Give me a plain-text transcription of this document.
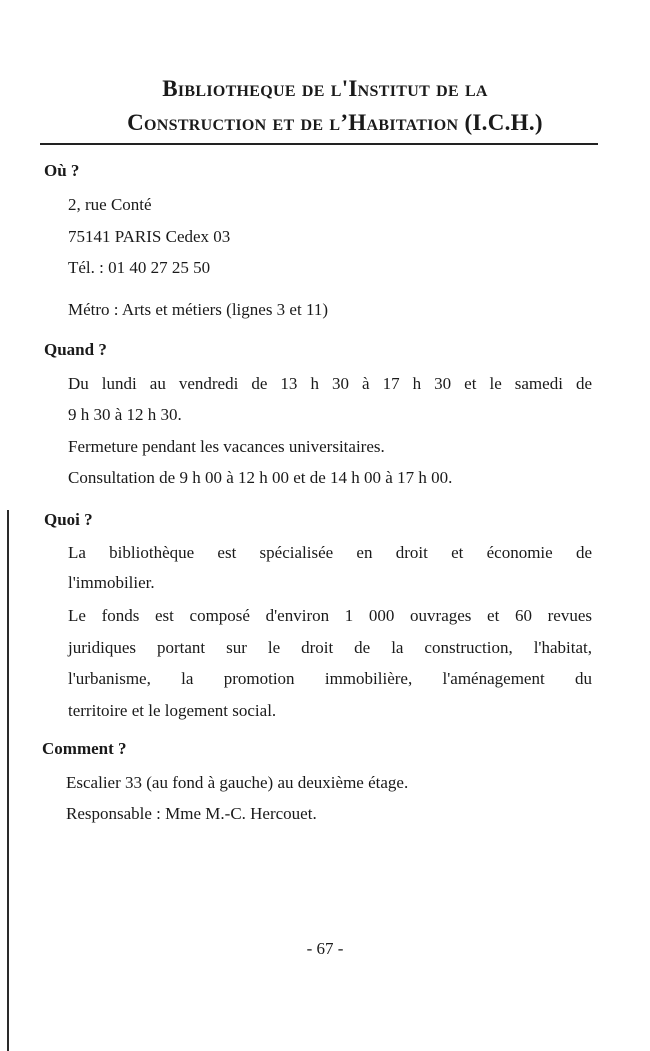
Bibliotheque de l'Institut de la
Construction et de l’Habitation (I.C.H.)
Où ?
2, rue Conté
75141 PARIS Cedex 03
Tél. : 01 40 27 25 50
Métro : Arts et métiers (lignes 3 et 11)
Quand ?
Du lundi au vendredi de 13 h 30 à 17 h 30 et le samedi de
9 h 30 à 12 h 30.
Fermeture pendant les vacances universitaires.
Consultation de 9 h 00 à 12 h 00 et de 14 h 00 à 17 h 00.
Quoi ?
La bibliothèque est spécialisée en droit et économie de
l'immobilier.
Le fonds est composé d'environ 1 000 ouvrages et 60 revues
juridiques portant sur le droit de la construction, l'habitat,
l'urbanisme, la promotion immobilière, l'aménagement du
territoire et le logement social.
Comment ?
Escalier 33 (au fond à gauche) au deuxième étage.
Responsable : Mme M.-C. Hercouet.
- 67 -
